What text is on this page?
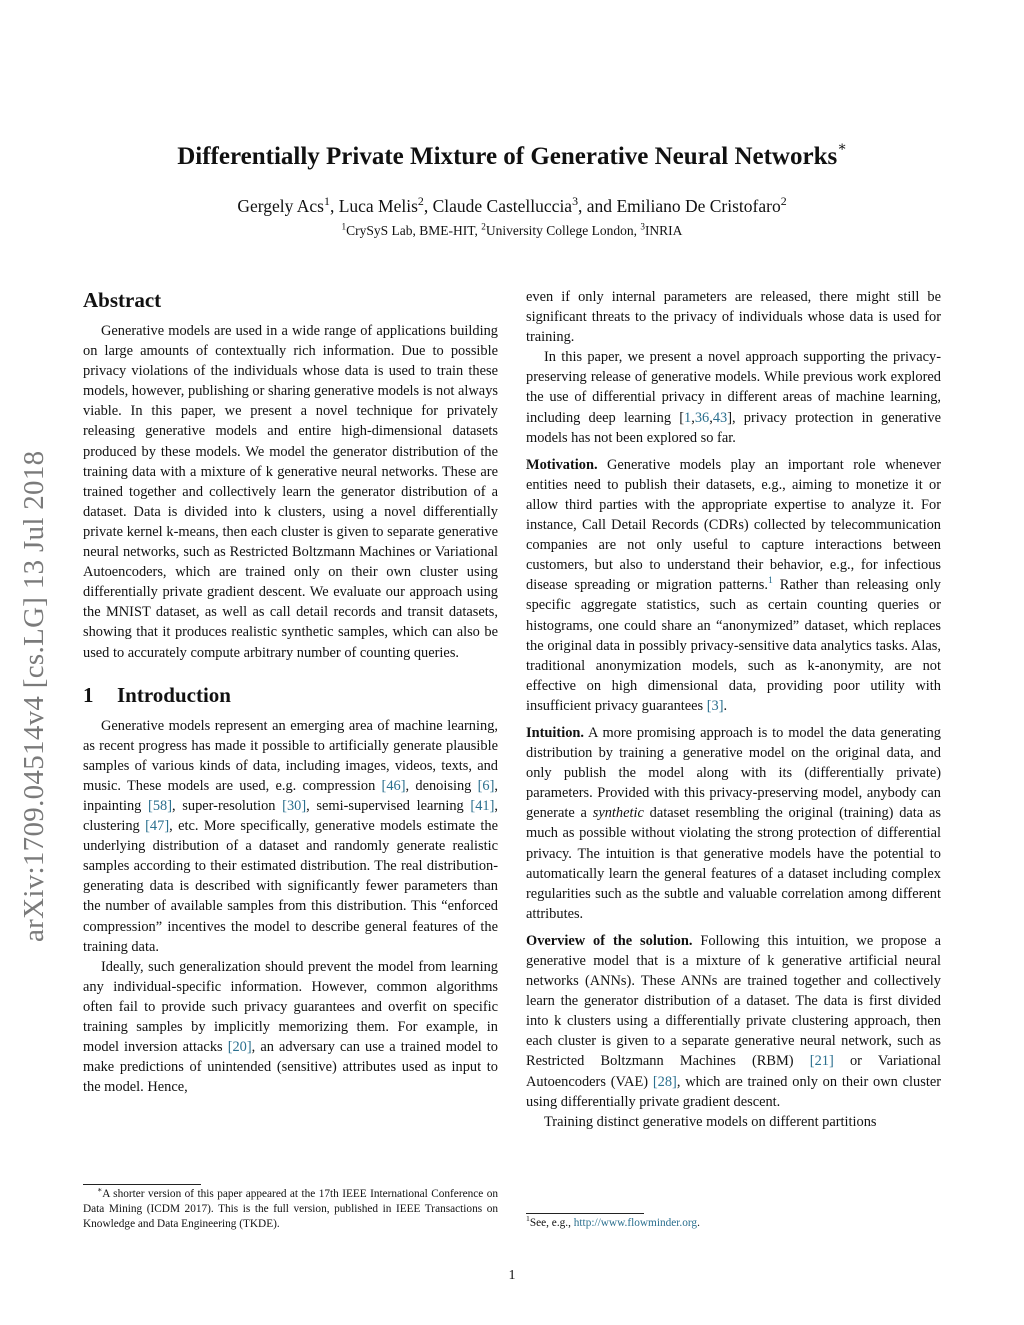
Differentially Private Mixture of Generative Neural Networks∗
Gergely Acs$^1$, Luca Melis$^2$, Claude Castelluccia$^3$, and Emiliano De Cristofaro$^2$
$^1$CrySyS Lab, BME-HIT, $^2$University College London, $^3$INRIA
arXiv:1709.04514v4 [cs.LG] 13 Jul 2018
Abstract

Generative models are used in a wide range of applications building on large amounts of contextually rich information. Due to possible privacy violations of the individuals whose data is used to train these models, however, publishing or sharing generative models is not always viable. In this paper, we present a novel technique for privately releasing generative models and entire high-dimensional datasets produced by these models. We model the generator distribution of the training data with a mixture of k generative neural networks. These are trained together and collectively learn the generator distribution of a dataset. Data is divided into k clusters, using a novel differentially private kernel k-means, then each cluster is given to separate generative neural networks, such as Restricted Boltzmann Machines or Variational Autoencoders, which are trained only on their own cluster using differentially private gradient descent. We evaluate our approach using the MNIST dataset, as well as call detail records and transit datasets, showing that it produces realistic synthetic samples, which can also be used to accurately compute arbitrary number of counting queries.

1 Introduction

Generative models represent an emerging area of machine learning, as recent progress has made it possible to artificially generate plausible samples of various kinds of data, including images, videos, texts, and music. These models are used, e.g. compression [46], denoising [6], inpainting [58], super-resolution [30], semi-supervised learning [41], clustering [47], etc. More specifically, generative models estimate the underlying distribution of a dataset and randomly generate realistic samples according to their estimated distribution. The real distribution-generating data is described with significantly fewer parameters than the number of available samples from this distribution. This “enforced compression” incentives the model to describe general features of the training data.

Ideally, such generalization should prevent the model from learning any individual-specific information. However, common algorithms often fail to provide such privacy guarantees and overfit on specific training samples by implicitly memorizing them. For example, in model inversion attacks [20], an adversary can use a trained model to make predictions of unintended (sensitive) attributes used as input to the model. Hence,

∗A shorter version of this paper appeared at the 17th IEEE International Conference on Data Mining (ICDM 2017). This is the full version, published in IEEE Transactions on Knowledge and Data Engineering (TKDE).

even if only internal parameters are released, there might still be significant threats to the privacy of individuals whose data is used for training.

In this paper, we present a novel approach supporting the privacy-preserving release of generative models. While previous work explored the use of differential privacy in different areas of machine learning, including deep learning [1,36,43], privacy protection in generative models has not been explored so far.

Motivation. Generative models play an important role whenever entities need to publish their datasets, e.g., aiming to monetize it or allow third parties with the appropriate expertise to analyze it. For instance, Call Detail Records (CDRs) collected by telecommunication companies are not only useful to capture interactions between customers, but also to understand their behavior, e.g., for infectious disease spreading or migration patterns.$^1$ Rather than releasing only specific aggregate statistics, such as certain counting queries or histograms, one could share an “anonymized” dataset, which replaces the original data in possibly privacy-sensitive data analytics tasks. Alas, traditional anonymization models, such as k-anonymity, are not effective on high dimensional data, providing poor utility with insufficient privacy guarantees [3].

Intuition. A more promising approach is to model the data generating distribution by training a generative model on the original data, and only publish the model along with its (differentially private) parameters. Provided with this privacy-preserving model, anybody can generate a synthetic dataset resembling the original (training) data as much as possible without violating the strong protection of differential privacy. The intuition is that generative models have the potential to automatically learn the general features of a dataset including complex regularities such as the subtle and valuable correlation among different attributes.

Overview of the solution. Following this intuition, we propose a generative model that is a mixture of k generative artificial neural networks (ANNs). These ANNs are trained together and collectively learn the generator distribution of a dataset. The data is first divided into k clusters using a differentially private clustering approach, then each cluster is given to a separate generative neural network, such as Restricted Boltzmann Machines (RBM) [21] or Variational Autoencoders (VAE) [28], which are trained only on their own cluster using differentially private gradient descent.

Training distinct generative models on different partitions

$^1$See, e.g., http://www.flowminder.org.
1
